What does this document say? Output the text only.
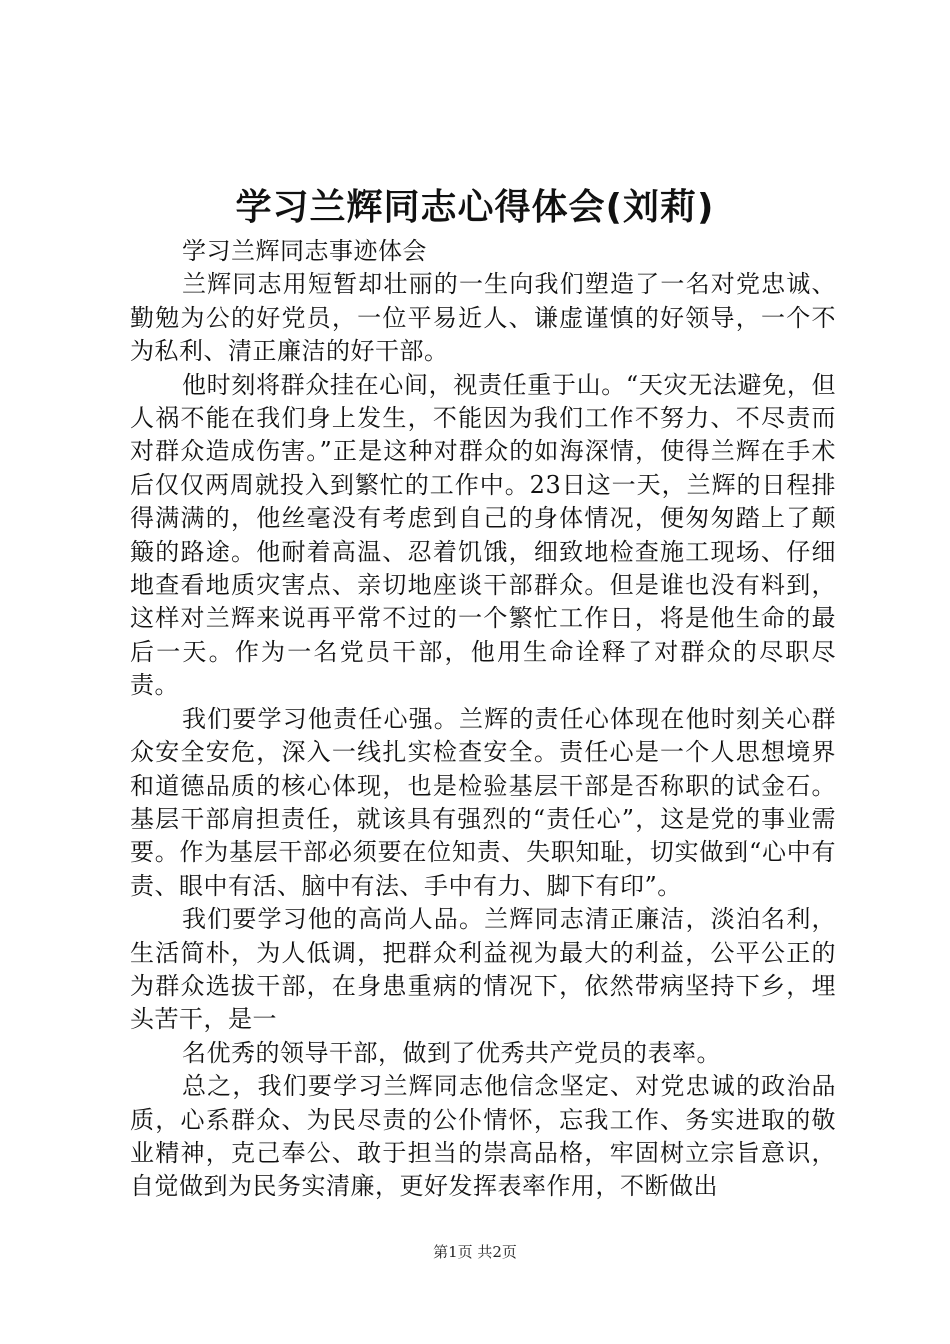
学习兰辉同志心得体会(刘莉)

学习兰辉同志事迹体会

兰辉同志用短暂却壮丽的一生向我们塑造了一名对党忠诚、勤勉为公的好党员，一位平易近人、谦虚谨慎的好领导，一个不为私利、清正廉洁的好干部。

他时刻将群众挂在心间，视责任重于山。“天灾无法避免，但人祸不能在我们身上发生，不能因为我们工作不努力、不尽责而对群众造成伤害。”正是这种对群众的如海深情，使得兰辉在手术后仅仅两周就投入到繁忙的工作中。23日这一天，兰辉的日程排得满满的，他丝毫没有考虑到自己的身体情况，便匆匆踏上了颠簸的路途。他耐着高温、忍着饥饿，细致地检查施工现场、仔细地查看地质灾害点、亲切地座谈干部群众。但是谁也没有料到，这样对兰辉来说再平常不过的一个繁忙工作日，将是他生命的最后一天。作为一名党员干部，他用生命诠释了对群众的尽职尽责。

我们要学习他责任心强。兰辉的责任心体现在他时刻关心群众安全安危，深入一线扎实检查安全。责任心是一个人思想境界和道德品质的核心体现，也是检验基层干部是否称职的试金石。基层干部肩担责任，就该具有强烈的“责任心”，这是党的事业需要。作为基层干部必须要在位知责、失职知耻，切实做到“心中有责、眼中有活、脑中有法、手中有力、脚下有印”。

我们要学习他的高尚人品。兰辉同志清正廉洁，淡泊名利，生活简朴，为人低调，把群众利益视为最大的利益，公平公正的为群众选拔干部，在身患重病的情况下，依然带病坚持下乡，埋头苦干，是一

名优秀的领导干部，做到了优秀共产党员的表率。

总之，我们要学习兰辉同志他信念坚定、对党忠诚的政治品质，心系群众、为民尽责的公仆情怀，忘我工作、务实进取的敬业精神，克己奉公、敢于担当的崇高品格，牢固树立宗旨意识，自觉做到为民务实清廉，更好发挥表率作用，不断做出

第1页 共2页
